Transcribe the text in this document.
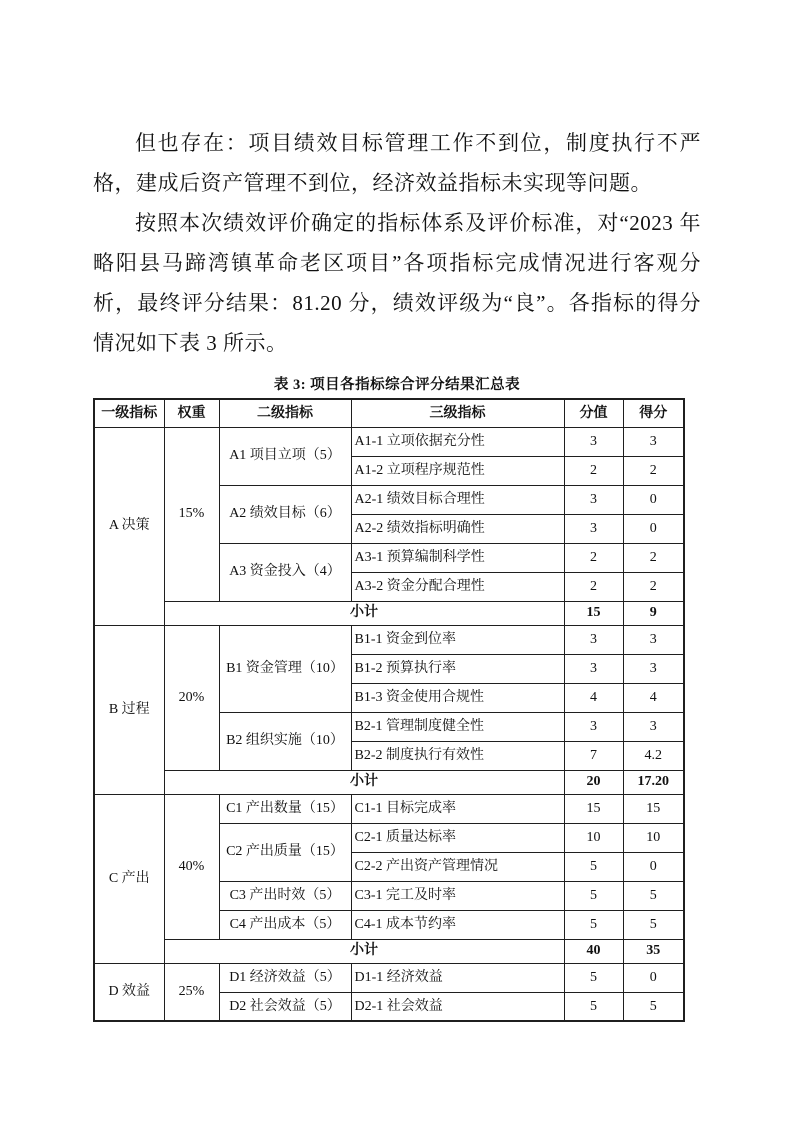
但也存在：项目绩效目标管理工作不到位，制度执行不严格，建成后资产管理不到位，经济效益指标未实现等问题。

按照本次绩效评价确定的指标体系及评价标准，对“2023 年略阳县马蹄湾镇革命老区项目”各项指标完成情况进行客观分析，最终评分结果：81.20 分，绩效评级为“良”。各指标的得分情况如下表 3 所示。

表 3: 项目各指标综合评分结果汇总表
一级指标	权重	二级指标	三级指标	分值	得分
A 决策	15%	A1 项目立项（5）	A1-1 立项依据充分性	3	3
			A1-2 立项程序规范性	2	2
		A2 绩效目标（6）	A2-1 绩效目标合理性	3	0
			A2-2 绩效指标明确性	3	0
		A3 资金投入（4）	A3-1 预算编制科学性	2	2
			A3-2 资金分配合理性	2	2
	小计			15	9
B 过程	20%	B1 资金管理（10）	B1-1 资金到位率	3	3
			B1-2 预算执行率	3	3
			B1-3 资金使用合规性	4	4
		B2 组织实施（10）	B2-1 管理制度健全性	3	3
			B2-2 制度执行有效性	7	4.2
	小计			20	17.20
C 产出	40%	C1 产出数量（15）	C1-1 目标完成率	15	15
		C2 产出质量（15）	C2-1 质量达标率	10	10
			C2-2 产出资产管理情况	5	0
		C3 产出时效（5）	C3-1 完工及时率	5	5
		C4 产出成本（5）	C4-1 成本节约率	5	5
	小计			40	35
D 效益	25%	D1 经济效益（5）	D1-1 经济效益	5	0
		D2 社会效益（5）	D2-1 社会效益	5	5
